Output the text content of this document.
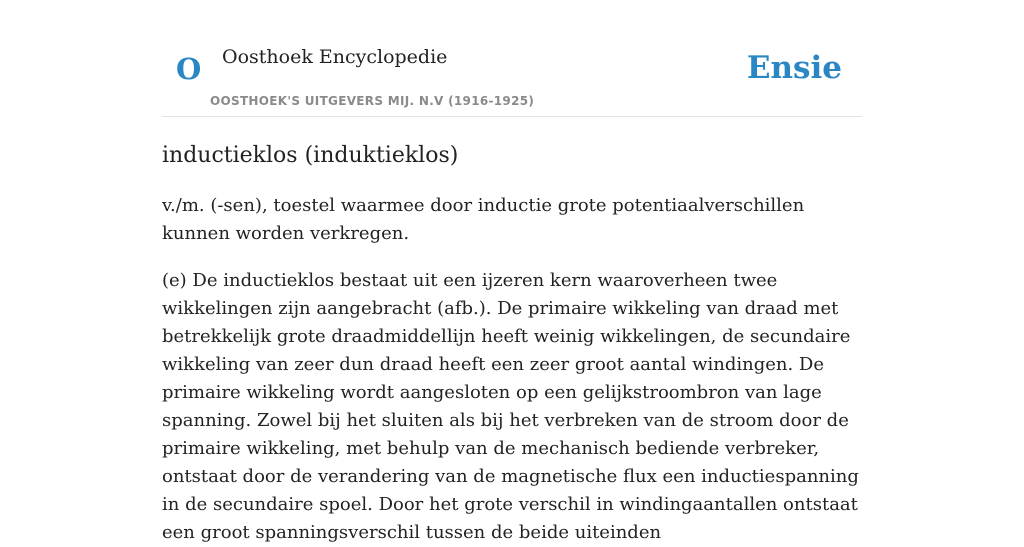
O Oosthoek Encyclopedie
OOSTHOEK'S UITGEVERS MIJ. N.V (1916-1925)
Ensie
inductieklos (induktieklos)

v./m. (-sen), toestel waarmee door inductie grote potentiaalverschillen kunnen worden verkregen.

(e) De inductieklos bestaat uit een ijzeren kern waaroverheen twee wikkelingen zijn aangebracht (afb.). De primaire wikkeling van draad met betrekkelijk grote draadmiddellijn heeft weinig wikkelingen, de secundaire wikkeling van zeer dun draad heeft een zeer groot aantal windingen. De primaire wikkeling wordt aangesloten op een gelijkstroombron van lage spanning. Zowel bij het sluiten als bij het verbreken van de stroom door de primaire wikkeling, met behulp van de mechanisch bediende verbreker, ontstaat door de verandering van de magnetische flux een inductiespanning in de secundaire spoel. Door het grote verschil in windingaantallen ontstaat een groot spanningsverschil tussen de beide uiteinden
